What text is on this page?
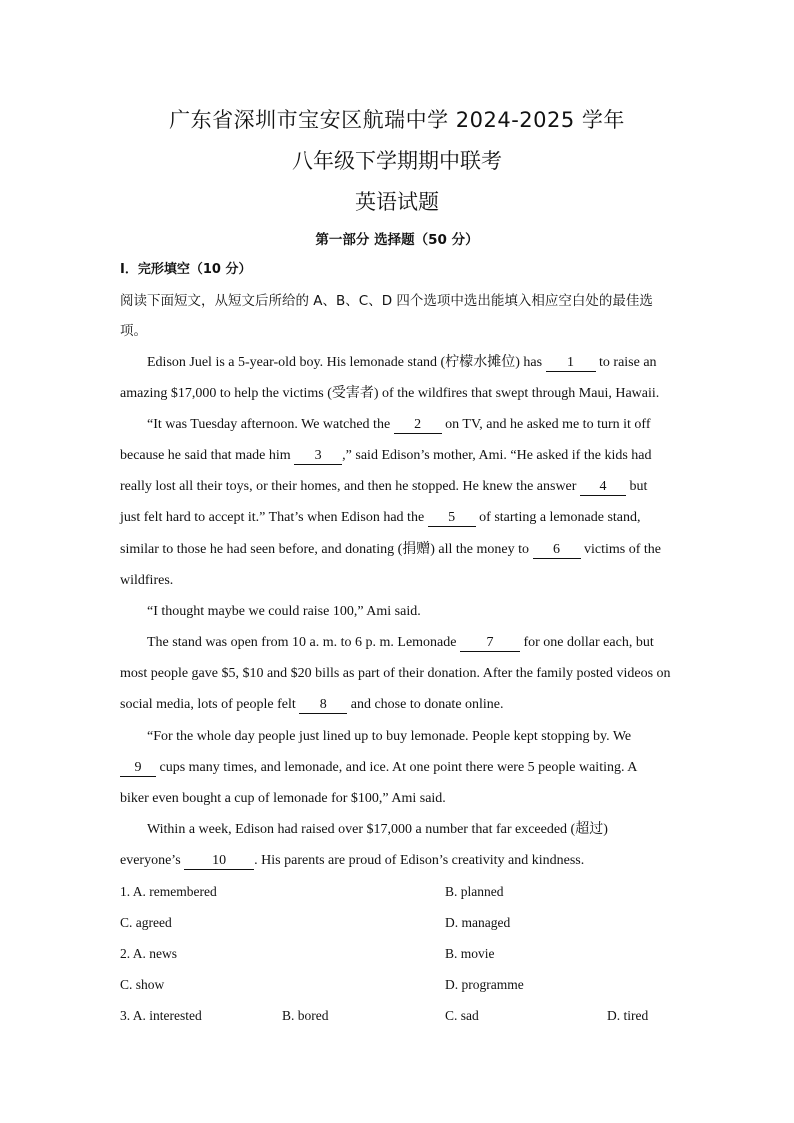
广东省深圳市宝安区航瑞中学 2024-2025 学年
八年级下学期期中联考
英语试题
第一部分 选择题（50 分）
Ⅰ．完形填空（10 分）
阅读下面短文，从短文后所给的 A、B、C、D 四个选项中选出能填入相应空白处的最佳选
项。
Edison Juel is a 5-year-old boy. His lemonade stand (柠檬水摊位) has 1 to raise an
amazing $17,000 to help the victims (受害者) of the wildfires that swept through Maui, Hawaii.
“It was Tuesday afternoon. We watched the 2 on TV, and he asked me to turn it off
because he said that made him 3 ,” said Edison’s mother, Ami. “He asked if the kids had
really lost all their toys, or their homes, and then he stopped. He knew the answer 4 but
just felt hard to accept it.” That’s when Edison had the 5 of starting a lemonade stand,
similar to those he had seen before, and donating (捐赠) all the money to 6 victims of the
wildfires.
“I thought maybe we could raise 100,” Ami said.
The stand was open from 10 a. m. to 6 p. m. Lemonade 7 for one dollar each, but
most people gave $5, $10 and $20 bills as part of their donation. After the family posted videos on
social media, lots of people felt 8 and chose to donate online.
“For the whole day people just lined up to buy lemonade. People kept stopping by. We
9 cups many times, and lemonade, and ice. At one point there were 5 people waiting. A
biker even bought a cup of lemonade for $100,” Ami said.
Within a week, Edison had raised over $17,000 a number that far exceeded (超过)
everyone’s 10 . His parents are proud of Edison’s creativity and kindness.
1. A. remembered	B. planned
C. agreed	D. managed
2. A. news	B. movie
C. show	D. programme
3. A. interested	B. bored	C. sad	D. tired
